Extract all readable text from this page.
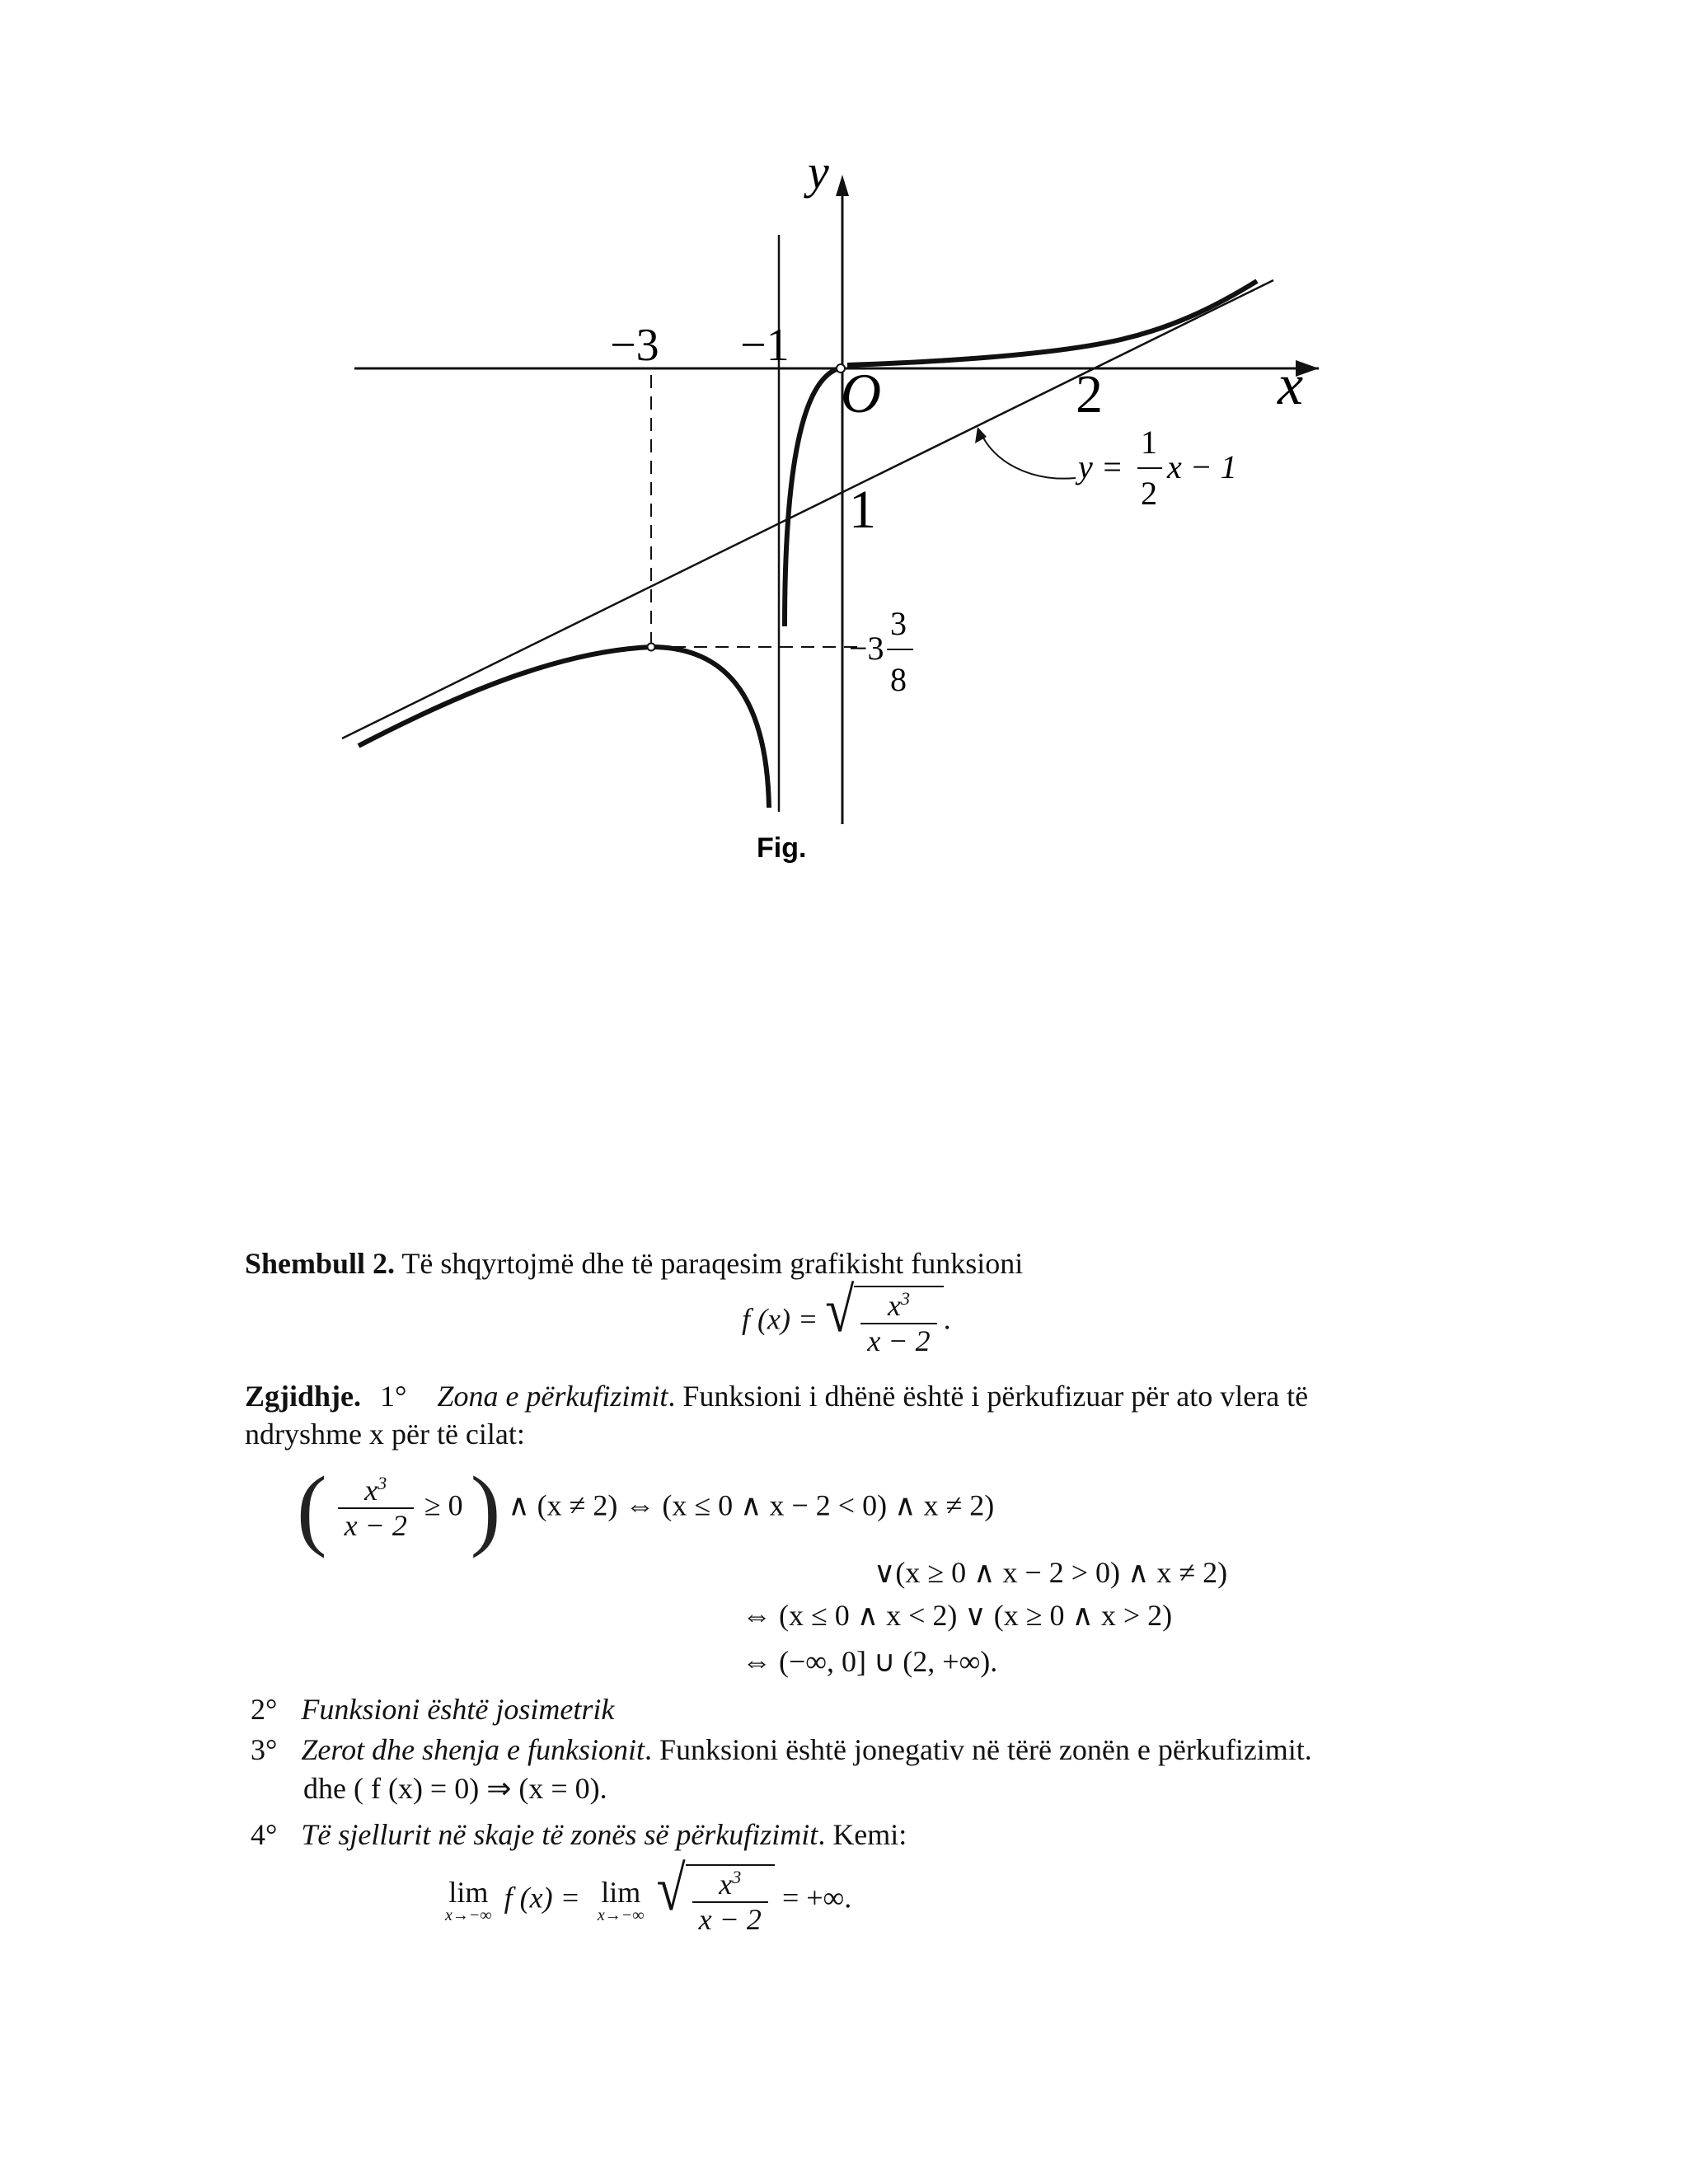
y
x
O
−3 −1
2
1
−3
3
8
y =
1
2
x − 1
Fig.
Shembull 2. Të shqyrtojmë dhe të paraqesim grafikisht funksioni
f (x) = √ $\frac{x^3}{x - 2}$ .
Zgjidhje. 1° Zona e përkufizimit. Funksioni i dhënë është i përkufizuar për ato vlera të
ndryshme x për të cilat:
( $\frac{x^3}{x - 2} \ge 0$ ) ∧ (x ≠ 2) ⇔ (x ≤ 0 ∧ x − 2 < 0) ∧ x ≠ 2)
∨(x ≥ 0 ∧ x − 2 > 0) ∧ x ≠ 2)
⇔ (x ≤ 0 ∧ x < 2) ∨ (x ≥ 0 ∧ x > 2)
⇔ (−∞, 0] ∪ (2, +∞).
2° Funksioni është josimetrik
3° Zerot dhe shenja e funksionit. Funksioni është jonegativ në tërë zonën e përkufizimit.
dhe ( f (x) = 0) ⇒ (x = 0).
4° Të sjellurit në skaje të zonës së përkufizimit. Kemi:
lim
x→−∞
f (x) = lim
x→−∞
√ $\frac{x^3}{x - 2}$ = +∞.
